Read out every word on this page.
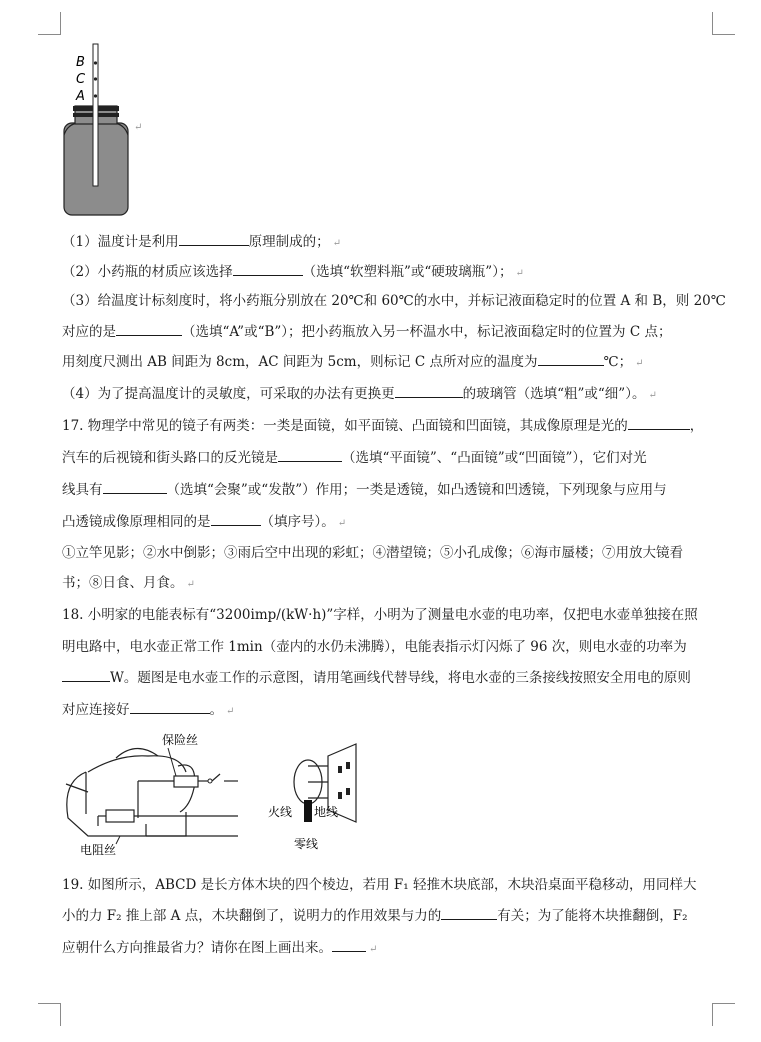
B
C
A
↵
（1）温度计是利用	原理制成的； ↵
（2）小药瓶的材质应该选择	（选填“软塑料瓶”或“硬玻璃瓶”）； ↵
（3）给温度计标刻度时，将小药瓶分别放在 20℃和 60℃的水中，并标记液面稳定时的位置 A 和 B，则 20℃
对应的是	（选填“A”或“B”）；把小药瓶放入另一杯温水中，标记液面稳定时的位置为 C 点；
用刻度尺测出 AB 间距为 8cm，AC 间距为 5cm，则标记 C 点所对应的温度为	℃； ↵
（4）为了提高温度计的灵敏度，可采取的办法有更换更	的玻璃管（选填“粗”或“细”）。 ↵
17. 物理学中常见的镜子有两类：一类是面镜，如平面镜、凸面镜和凹面镜，其成像原理是光的	，
汽车的后视镜和街头路口的反光镜是	（选填“平面镜”、“凸面镜”或“凹面镜”），它们对光
线具有	（选填“会聚”或“发散”）作用；一类是透镜，如凸透镜和凹透镜，下列现象与应用与
凸透镜成像原理相同的是	（填序号）。 ↵
①立竿见影；②水中倒影；③雨后空中出现的彩虹；④潜望镜；⑤小孔成像；⑥海市蜃楼；⑦用放大镜看
书；⑧日食、月食。 ↵
18. 小明家的电能表标有“3200imp/(kW·h)”字样，小明为了测量电水壶的电功率，仅把电水壶单独接在照
明电路中，电水壶正常工作 1min（壶内的水仍未沸腾），电能表指示灯闪烁了 96 次，则电水壶的功率为
W。题图是电水壶工作的示意图，请用笔画线代替导线，将电水壶的三条接线按照安全用电的原则
对应连接好	。 ↵
保险丝
电阻丝
火线 地线
零线
19. 如图所示，ABCD 是长方体木块的四个棱边，若用 F₁ 轻推木块底部，木块沿桌面平稳移动，用同样大
小的力 F₂ 推上部 A 点，木块翻倒了，说明力的作用效果与力的	有关；为了能将木块推翻倒，F₂
应朝什么方向推最省力？请你在图上画出来。	↵
